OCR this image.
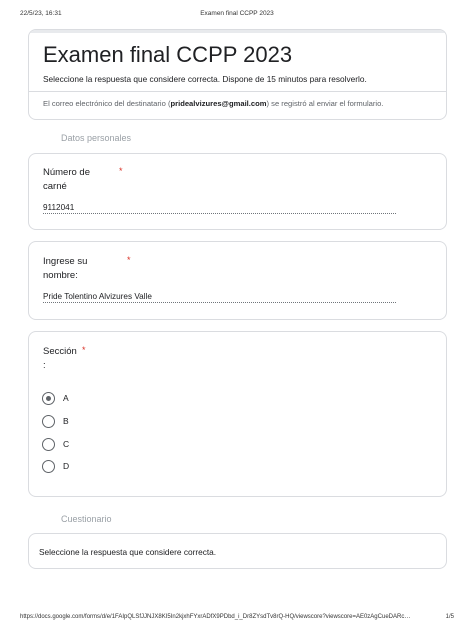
22/5/23, 16:31	Examen final CCPP 2023
Examen final CCPP 2023

Seleccione la respuesta que considere correcta. Dispone de 15 minutos para resolverlo.

El correo electrónico del destinatario (pridealvizures@gmail.com) se registró al enviar el formulario.

Datos personales
Número de
carné
*
9112041
Ingrese su
nombre:
*
Pride Tolentino Alvizures Valle
Sección
:
*
A
B
C
D
Cuestionario

Seleccione la respuesta que considere correcta.

https://docs.google.com/forms/d/e/1FAIpQLSfJJNJX8KI5In2kjxhFYxrADfX9PDbd_i_Dr8ZYsdTv8rQ-HQ/viewscore?viewscore=AE0zAgCueDARc…	1/5
